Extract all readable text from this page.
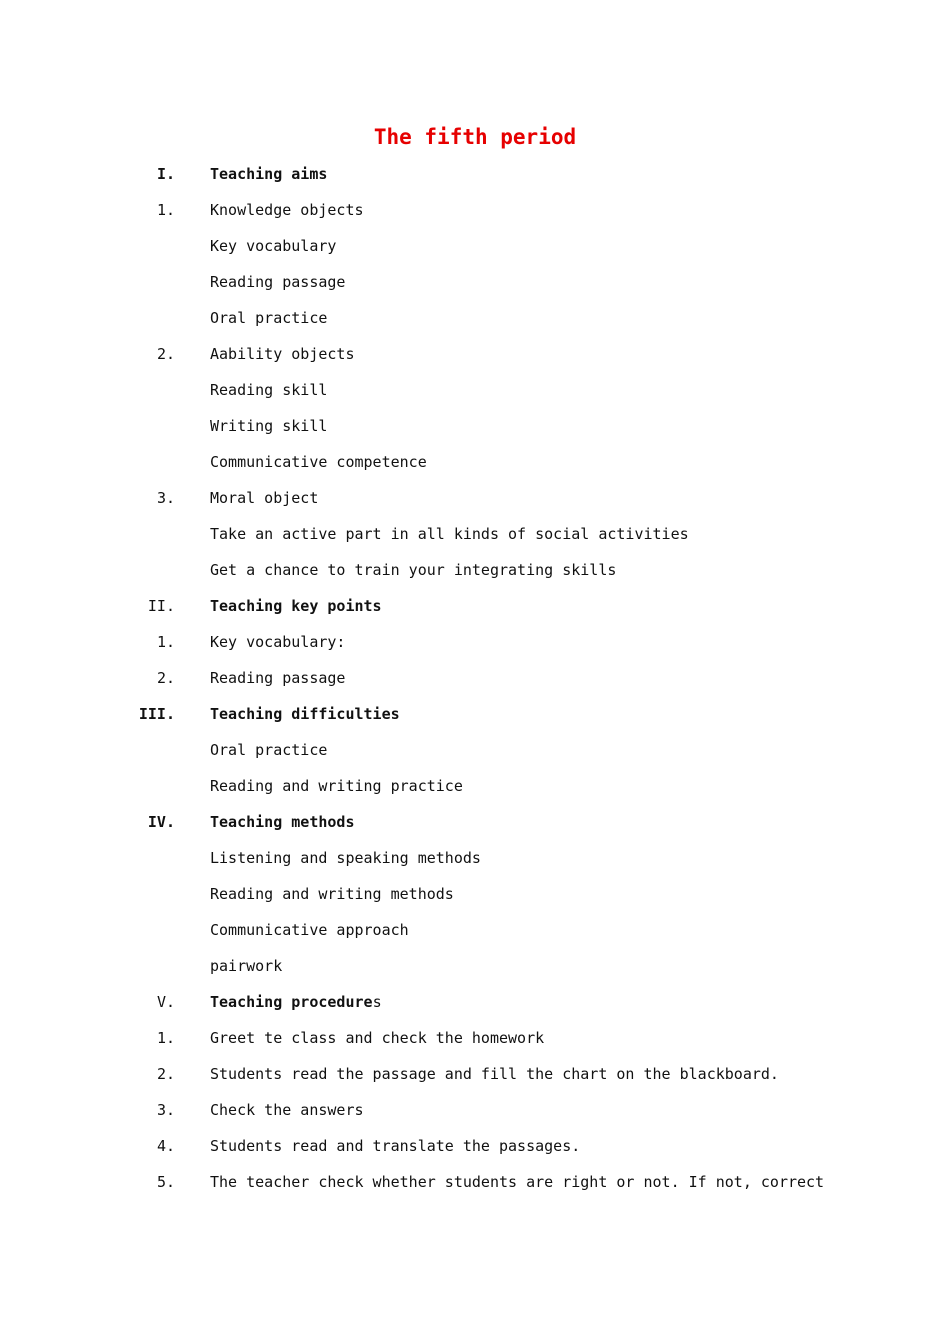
The fifth period
I. Teaching aims
1. Knowledge objects
Key vocabulary
Reading passage
Oral practice
2. Aability objects
Reading skill
Writing skill
Communicative competence
3. Moral object
Take an active part in all kinds of social activities
Get a chance to train your integrating skills
II. Teaching key points
1. Key vocabulary:
2. Reading passage
III. Teaching difficulties
Oral practice
Reading and writing practice
IV. Teaching methods
Listening and speaking methods
Reading and writing methods
Communicative approach
pairwork
V. Teaching procedures
1. Greet te class and check the homework
2. Students read the passage and fill the chart on the blackboard.
3. Check the answers
4. Students read and translate the passages.
5. The teacher check whether students are right or not. If not, correct
